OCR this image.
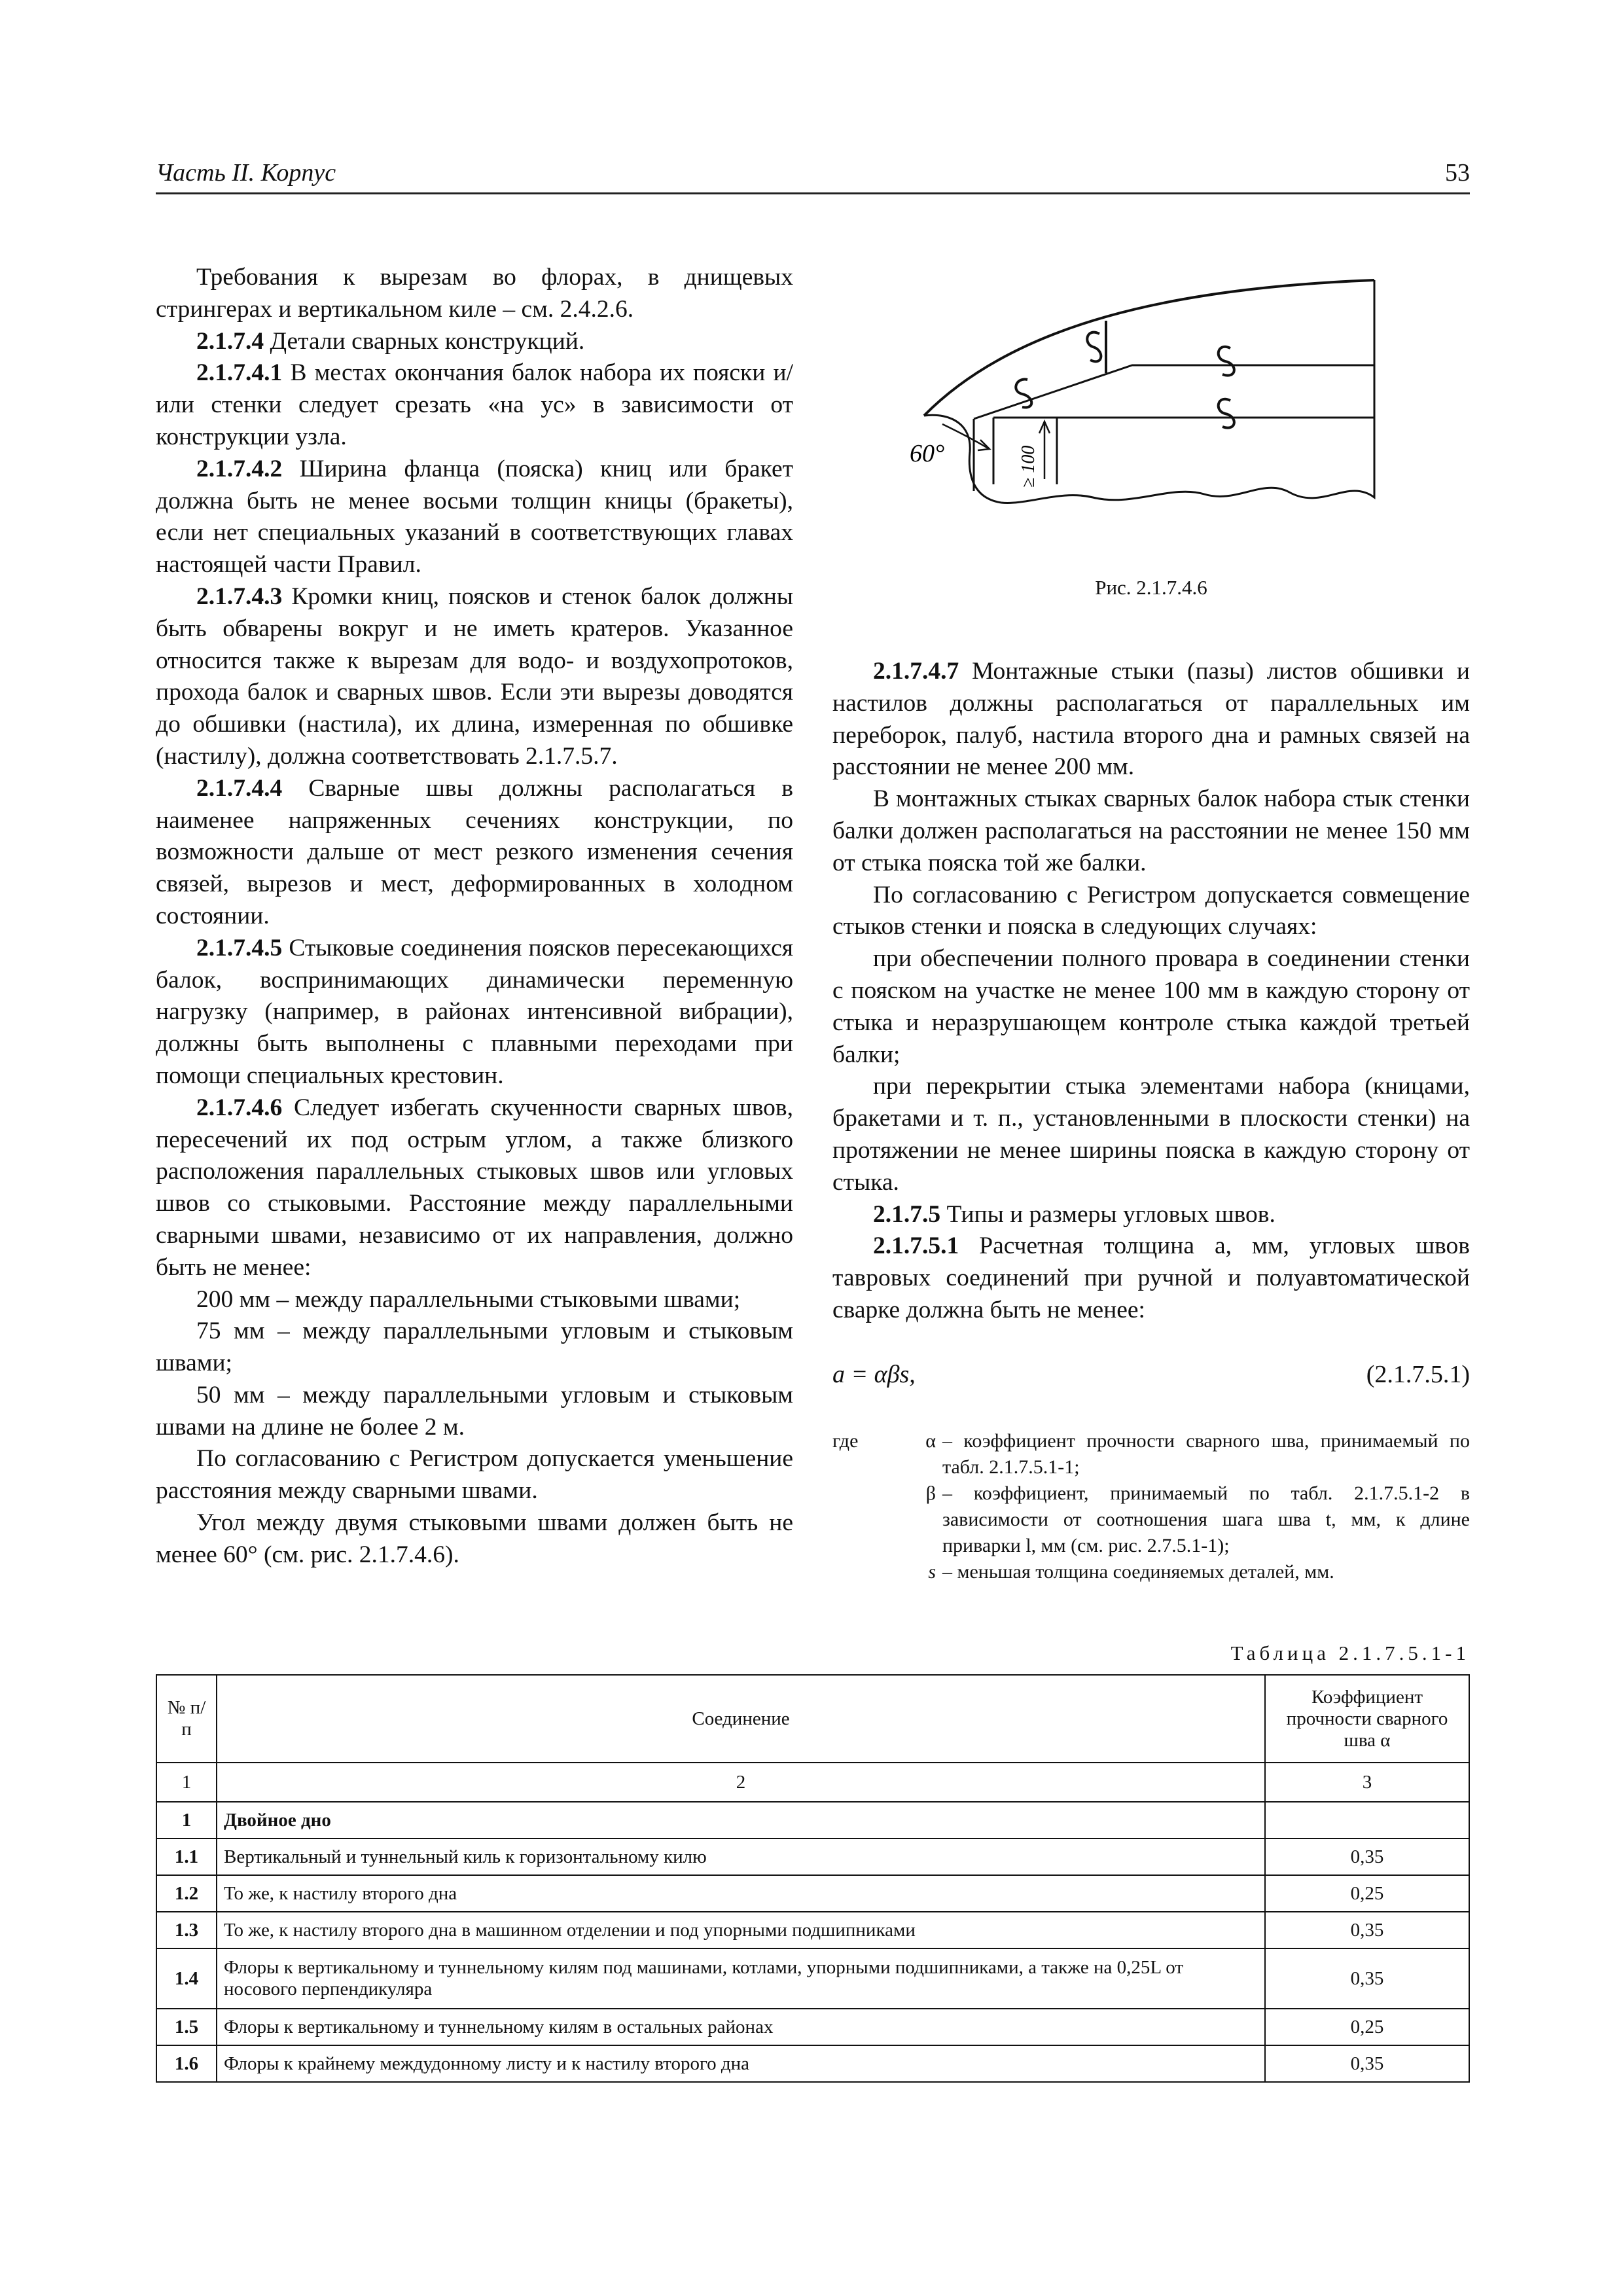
Часть II. Корпус	53

Требования к вырезам во флорах, в днищевых стрингерах и вертикальном киле – см. 2.4.2.6.

2.1.7.4 Детали сварных конструкций.

2.1.7.4.1 В местах окончания балок набора их пояски и/или стенки следует срезать «на ус» в зависимости от конструкции узла.

2.1.7.4.2 Ширина фланца (пояска) книц или бракет должна быть не менее восьми толщин кницы (бракеты), если нет специальных указаний в соответствующих главах настоящей части Правил.

2.1.7.4.3 Кромки книц, поясков и стенок балок должны быть обварены вокруг и не иметь кратеров. Указанное относится также к вырезам для водо- и воздухопротоков, прохода балок и сварных швов. Если эти вырезы доводятся до обшивки (настила), их длина, измеренная по обшивке (настилу), должна соответствовать 2.1.7.5.7.

2.1.7.4.4 Сварные швы должны располагаться в наименее напряженных сечениях конструкции, по возможности дальше от мест резкого изменения сечения связей, вырезов и мест, деформированных в холодном состоянии.

2.1.7.4.5 Стыковые соединения поясков пересекающихся балок, воспринимающих динамически переменную нагрузку (например, в районах интенсивной вибрации), должны быть выполнены с плавными переходами при помощи специальных крестовин.

2.1.7.4.6 Следует избегать скученности сварных швов, пересечений их под острым углом, а также близкого расположения параллельных стыковых швов или угловых швов со стыковыми. Расстояние между параллельными сварными швами, независимо от их направления, должно быть не менее:

200 мм – между параллельными стыковыми швами;

75 мм – между параллельными угловым и стыковым швами;

50 мм – между параллельными угловым и стыковым швами на длине не более 2 м.

По согласованию с Регистром допускается уменьшение расстояния между сварными швами.

Угол между двумя стыковыми швами должен быть не менее 60° (см. рис. 2.1.7.4.6).

60°	≥ 100
Рис. 2.1.7.4.6

2.1.7.4.7 Монтажные стыки (пазы) листов обшивки и настилов должны располагаться от параллельных им переборок, палуб, настила второго дна и рамных связей на расстоянии не менее 200 мм.

В монтажных стыках сварных балок набора стык стенки балки должен располагаться на расстоянии не менее 150 мм от стыка пояска той же балки.

По согласованию с Регистром допускается совмещение стыков стенки и пояска в следующих случаях:

при обеспечении полного провара в соединении стенки с пояском на участке не менее 100 мм в каждую сторону от стыка и неразрушающем контроле стыка каждой третьей балки;

при перекрытии стыка элементами набора (кницами, бракетами и т. п., установленными в плоскости стенки) на протяжении не менее ширины пояска в каждую сторону от стыка.

2.1.7.5 Типы и размеры угловых швов.

2.1.7.5.1 Расчетная толщина a, мм, угловых швов тавровых соединений при ручной и полуавтоматической сварке должна быть не менее:

a = αβs,	(2.1.7.5.1)
где	α – коэффициент прочности сварного шва, принимаемый по табл. 2.1.7.5.1-1;
β – коэффициент, принимаемый по табл. 2.1.7.5.1-2 в зависимости от соотношения шага шва t, мм, к длине приварки l, мм (см. рис. 2.7.5.1-1);
s – меньшая толщина соединяемых деталей, мм.
Таблица 2.1.7.5.1-1
№ п/п	Соединение	Коэффициент прочности сварного шва α
1	2	3
1	Двойное дно	
1.1	Вертикальный и туннельный киль к горизонтальному килю	0,35
1.2	То же, к настилу второго дна	0,25
1.3	То же, к настилу второго дна в машинном отделении и под упорными подшипниками	0,35
1.4	Флоры к вертикальному и туннельному килям под машинами, котлами, упорными подшипниками, а также на 0,25L от носового перпендикуляра	0,35
1.5	Флоры к вертикальному и туннельному килям в остальных районах	0,25
1.6	Флоры к крайнему междудонному листу и к настилу второго дна	0,35
